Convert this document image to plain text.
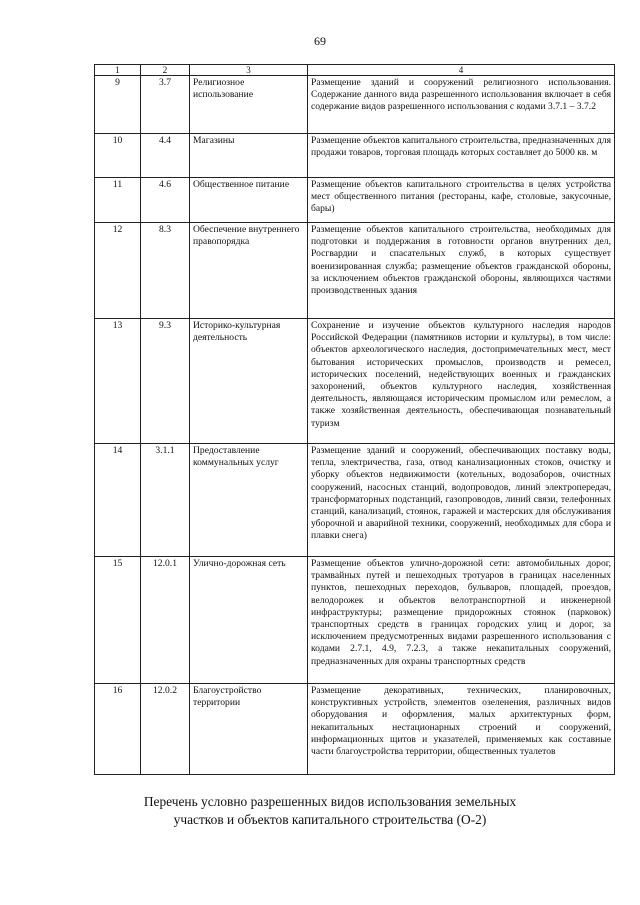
69
1	2	3	4
9	3.7	Религиозное использование	Размещение зданий и сооружений религиозного использования. Содержание данного вида разрешенного использования включает в себя содержание видов разрешенного использования с кодами 3.7.1 – 3.7.2
10	4.4	Магазины	Размещение объектов капитального строительства, предназначенных для продажи товаров, торговая площадь которых составляет до 5000 кв. м
11	4.6	Общественное питание	Размещение объектов капитального строительства в целях устройства мест общественного питания (рестораны, кафе, столовые, закусочные, бары)
12	8.3	Обеспечение внутреннего правопорядка	Размещение объектов капитального строительства, необходимых для подготовки и поддержания в готовности органов внутренних дел, Росгвардии и спасательных служб, в которых существует военизированная служба; размещение объектов гражданской обороны, за исключением объектов гражданской обороны, являющихся частями производственных здания
13	9.3	Историко-культурная деятельность	Сохранение и изучение объектов культурного наследия народов Российской Федерации (памятников истории и культуры), в том числе: объектов археологического наследия, достопримечательных мест, мест бытования исторических промыслов, производств и ремесел, исторических поселений, недействующих военных и гражданских захоронений, объектов культурного наследия, хозяйственная деятельность, являющаяся историческим промыслом или ремеслом, а также хозяйственная деятельность, обеспечивающая познавательный туризм
14	3.1.1	Предоставление коммунальных услуг	Размещение зданий и сооружений, обеспечивающих поставку воды, тепла, электричества, газа, отвод канализационных стоков, очистку и уборку объектов недвижимости (котельных, водозаборов, очистных сооружений, насосных станций, водопроводов, линий электропередач, трансформаторных подстанций, газопроводов, линий связи, телефонных станций, канализаций, стоянок, гаражей и мастерских для обслуживания уборочной и аварийной техники, сооружений, необходимых для сбора и плавки снега)
15	12.0.1	Улично-дорожная сеть	Размещение объектов улично-дорожной сети: автомобильных дорог, трамвайных путей и пешеходных тротуаров в границах населенных пунктов, пешеходных переходов, бульваров, площадей, проездов, велодорожек и объектов велотранспортной и инженерной инфраструктуры; размещение придорожных стоянок (парковок) транспортных средств в границах городских улиц и дорог, за исключением предусмотренных видами разрешенного использования с кодами 2.7.1, 4.9, 7.2.3, а также некапитальных сооружений, предназначенных для охраны транспортных средств
16	12.0.2	Благоустройство территории	Размещение декоративных, технических, планировочных, конструктивных устройств, элементов озеленения, различных видов оборудования и оформления, малых архитектурных форм, некапитальных нестационарных строений и сооружений, информационных щитов и указателей, применяемых как составные части благоустройства территории, общественных туалетов
Перечень условно разрешенных видов использования земельных
участков и объектов капитального строительства (О-2)
